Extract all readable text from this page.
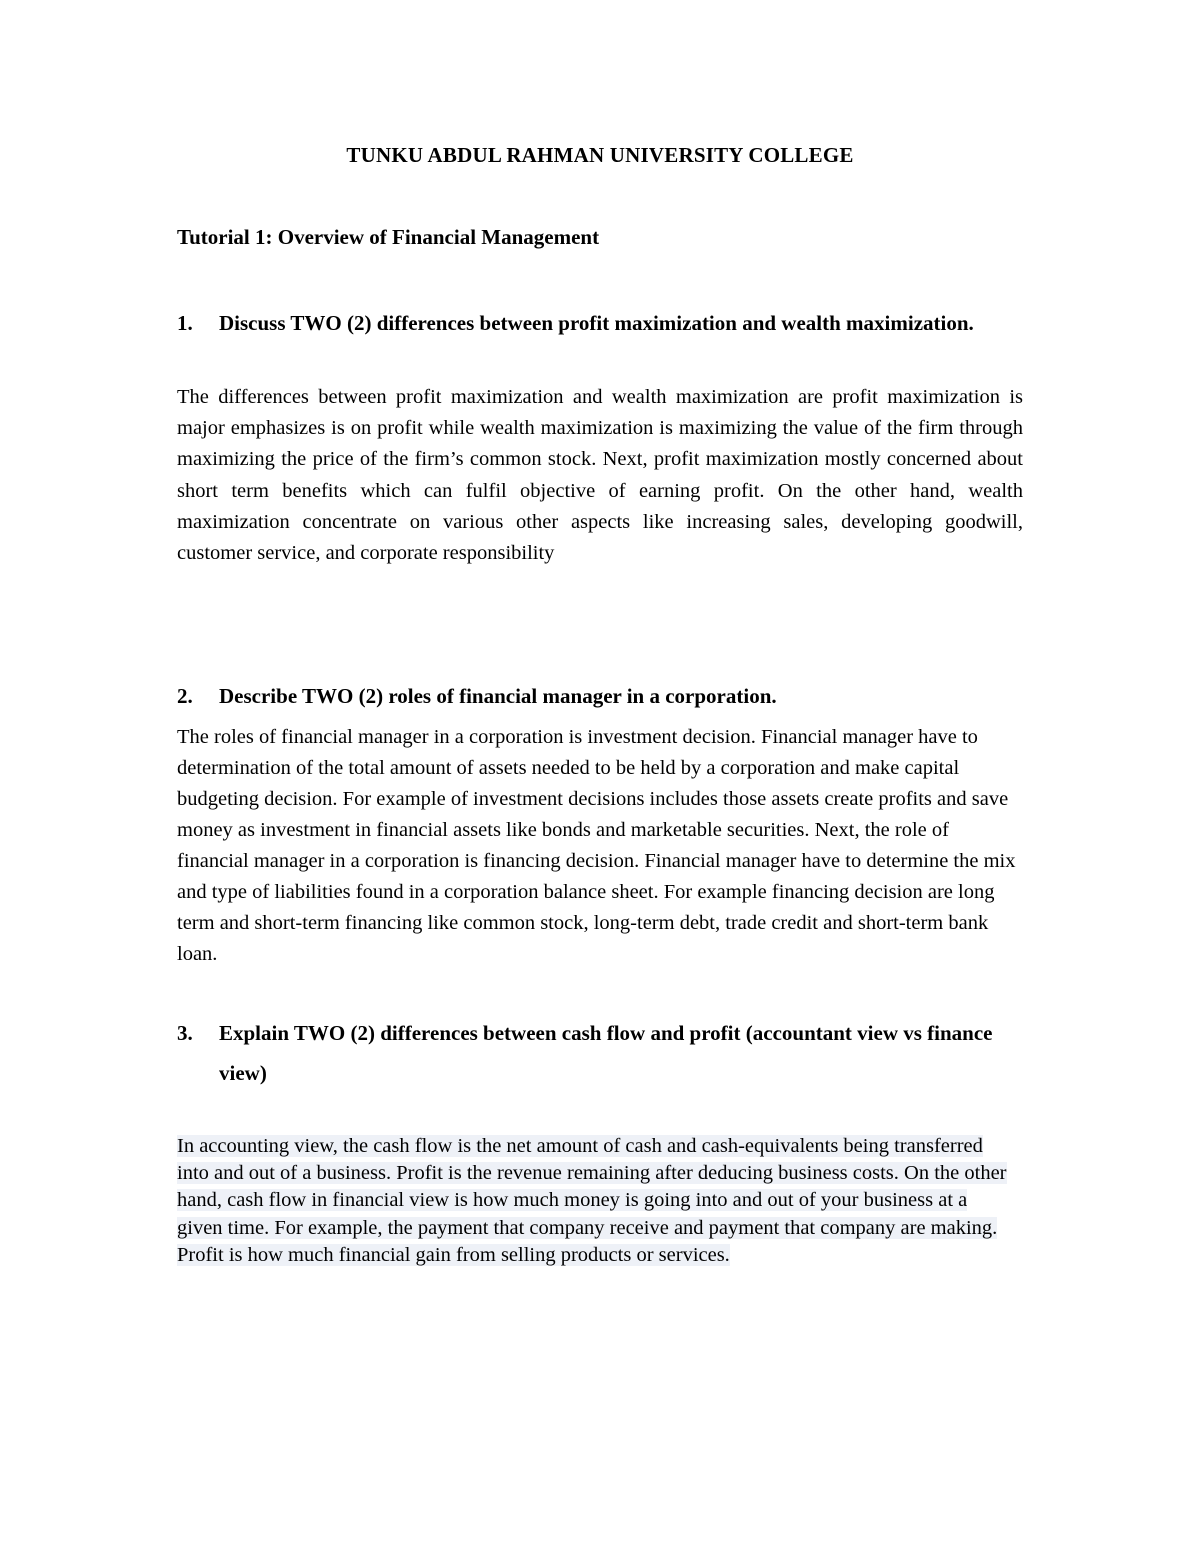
TUNKU ABDUL RAHMAN UNIVERSITY COLLEGE
Tutorial 1: Overview of Financial Management
1. Discuss TWO (2) differences between profit maximization and wealth maximization.
The differences between profit maximization and wealth maximization are profit maximization is major emphasizes is on profit while wealth maximization is maximizing the value of the firm through maximizing the price of the firm’s common stock. Next, profit maximization mostly concerned about short term benefits which can fulfil objective of earning profit. On the other hand, wealth maximization concentrate on various other aspects like increasing sales, developing goodwill, customer service, and corporate responsibility
2. Describe TWO (2) roles of financial manager in a corporation.
The roles of financial manager in a corporation is investment decision. Financial manager have to determination of the total amount of assets needed to be held by a corporation and make capital budgeting decision. For example of investment decisions includes those assets create profits and save money as investment in financial assets like bonds and marketable securities. Next, the role of financial manager in a corporation is financing decision. Financial manager have to determine the mix and type of liabilities found in a corporation balance sheet. For example financing decision are long term and short-term financing like common stock, long-term debt, trade credit and short-term bank loan.
3. Explain TWO (2) differences between cash flow and profit (accountant view vs finance view)
In accounting view, the cash flow is the net amount of cash and cash-equivalents being transferred into and out of a business. Profit is the revenue remaining after deducing business costs. On the other hand, cash flow in financial view is how much money is going into and out of your business at a given time. For example, the payment that company receive and payment that company are making. Profit is how much financial gain from selling products or services.
